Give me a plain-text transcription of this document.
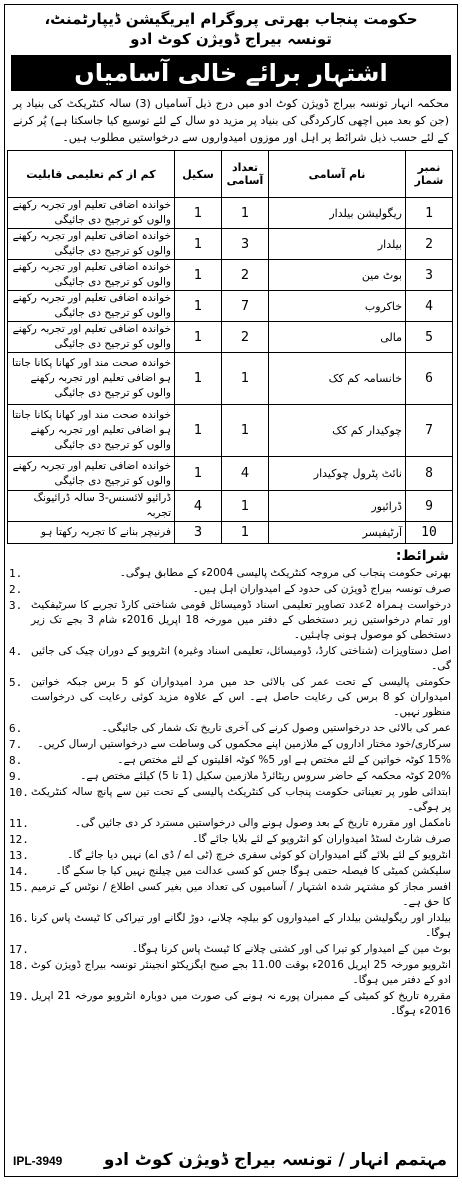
حکومت پنجاب بھرتی پروگرام ایریگیشن ڈیپارٹمنٹ،
تونسہ بیراج ڈویژن کوٹ ادو
اشتہار برائے خالی آسامیاں
محکمہ انہار تونسہ بیراج ڈویژن کوٹ ادو میں درج ذیل آسامیاں (3) سالہ کنٹریکٹ کی بنیاد پر (جن کو بعد میں اچھی کارکردگی کی بنیاد پر مزید دو سال کے لئے توسیع کیا جاسکتا ہے) پُر کرنے کے لئے حسب ذیل شرائط پر اہل اور موزوں امیدواروں سے درخواستیں مطلوب ہیں۔
نمبر شمار	نام آسامی	تعداد آسامی	سکیل	کم از کم تعلیمی قابلیت
1	ریگولیشن بیلدار	1	1	خواندہ اضافی تعلیم اور تجربہ رکھنے والوں کو ترجیح دی جائیگی
2	بیلدار	3	1	خواندہ اضافی تعلیم اور تجربہ رکھنے والوں کو ترجیح دی جائیگی
3	بوٹ مین	2	1	خواندہ اضافی تعلیم اور تجربہ رکھنے والوں کو ترجیح دی جائیگی
4	خاکروب	7	1	خواندہ اضافی تعلیم اور تجربہ رکھنے والوں کو ترجیح دی جائیگی
5	مالی	2	1	خواندہ اضافی تعلیم اور تجربہ رکھنے والوں کو ترجیح دی جائیگی
6	خانسامہ کم کک	1	1	خواندہ صحت مند اور کھانا پکانا جانتا ہو اضافی تعلیم اور تجربہ رکھنے والوں کو ترجیح دی جائیگی
7	چوکیدار کم کک	1	1	خواندہ صحت مند اور کھانا پکانا جانتا ہو اضافی تعلیم اور تجربہ رکھنے والوں کو ترجیح دی جائیگی
8	نائٹ پٹرول چوکیدار	4	1	خواندہ اضافی تعلیم اور تجربہ رکھنے والوں کو ترجیح دی جائیگی
9	ڈرائیور	1	4	ڈرائیو لائسنس-3 سالہ ڈرائیونگ تجربہ
10	آرٹیفیسر	1	3	فرنیچر بنانے کا تجربہ رکھتا ہو
شرائط:
1.	بھرتی حکومت پنجاب کی مروجہ کنٹریکٹ پالیسی 2004ء کے مطابق ہوگی۔
2.	صرف تونسہ بیراج ڈویژن کی حدود کے امیدواران اہل ہیں۔
3. درخواست ہمراہ 2عدد تصاویر تعلیمی اسناد ڈومیسائل قومی شناختی کارڈ تجربے کا سرٹیفکیٹ اور تمام درخواستیں زیر دستخطی کے دفتر میں مورخہ 18 اپریل 2016ء شام 3 بجے تک زیر دستخطی کو موصول ہونی چاہئیں۔
4. اصل دستاویزات (شناختی کارڈ، ڈومیسائل، تعلیمی اسناد وغیرہ) انٹرویو کے دوران چیک کی جائیں گی۔
5. حکومتی پالیسی کے تحت عمر کی بالائی حد میں مرد امیدواران کو 5 برس جبکہ خواتین امیدواران کو 8 برس کی رعایت حاصل ہے۔ اس کے علاوہ مزید کوئی رعایت کی درخواست منظور نہیں۔
6.	عمر کی بالائی حد درخواستیں وصول کرنے کی آخری تاریخ تک شمار کی جائیگی۔
7.	سرکاری/خود مختار اداروں کے ملازمین اپنے محکموں کی وساطت سے درخواستیں ارسال کریں۔
8.	15% کوٹہ خواتین کے لئے مختص ہے اور 5% کوٹہ اقلیتوں کے لئے مختص ہے۔
9.	20% کوٹہ محکمہ کے حاضر سروس ریٹائرڈ ملازمین سکیل (1 تا 5) کیلئے مختص ہے۔
10. ابتدائی طور پر تعیناتی حکومت پنجاب کی کنٹریکٹ پالیسی کے تحت تین سے پانچ سالہ کنٹریکٹ پر ہوگی۔
11.	نامکمل اور مقررہ تاریخ کے بعد وصول ہونے والی درخواستیں مسترد کر دی جائیں گی۔
12.	صرف شارٹ لسٹڈ امیدواران کو انٹرویو کے لئے بلایا جائے گا۔
13.	انٹرویو کے لئے بلائے گئے امیدواران کو کوئی سفری خرچ (ٹی اے / ڈی اے) نہیں دیا جائے گا۔
14.	سلیکشن کمیٹی کا فیصلہ حتمی ہوگا جس کو کسی عدالت میں چیلنج نہیں کیا جا سکے گا۔
15. افسر مجاز کو مشتہر شدہ اشتہار / آسامیوں کی تعداد میں بغیر کسی اطلاع / نوٹس کے ترمیم کا حق ہے۔
16. بیلدار اور ریگولیشن بیلدار کے امیدواروں کو بیلچہ چلانے، دوڑ لگانے اور تیراکی کا ٹیسٹ پاس کرنا ہوگا۔
17.	بوٹ مین کے امیدوار کو تیرا کی اور کشتی چلانے کا ٹیسٹ پاس کرنا ہوگا۔
18. انٹرویو مورخہ 25 اپریل 2016ء بوقت 11.00 بجے صبح ایگزیکٹو انجینئر تونسہ بیراج ڈویژن کوٹ ادو کے دفتر میں ہوگا۔
19. مقررہ تاریخ کو کمیٹی کے ممبران پورے نہ ہونے کی صورت میں دوبارہ انٹرویو مورخہ 21 اپریل 2016ء ہوگا۔
مہتمم انہار / تونسہ بیراج ڈویژن کوٹ ادو
IPL-3949
